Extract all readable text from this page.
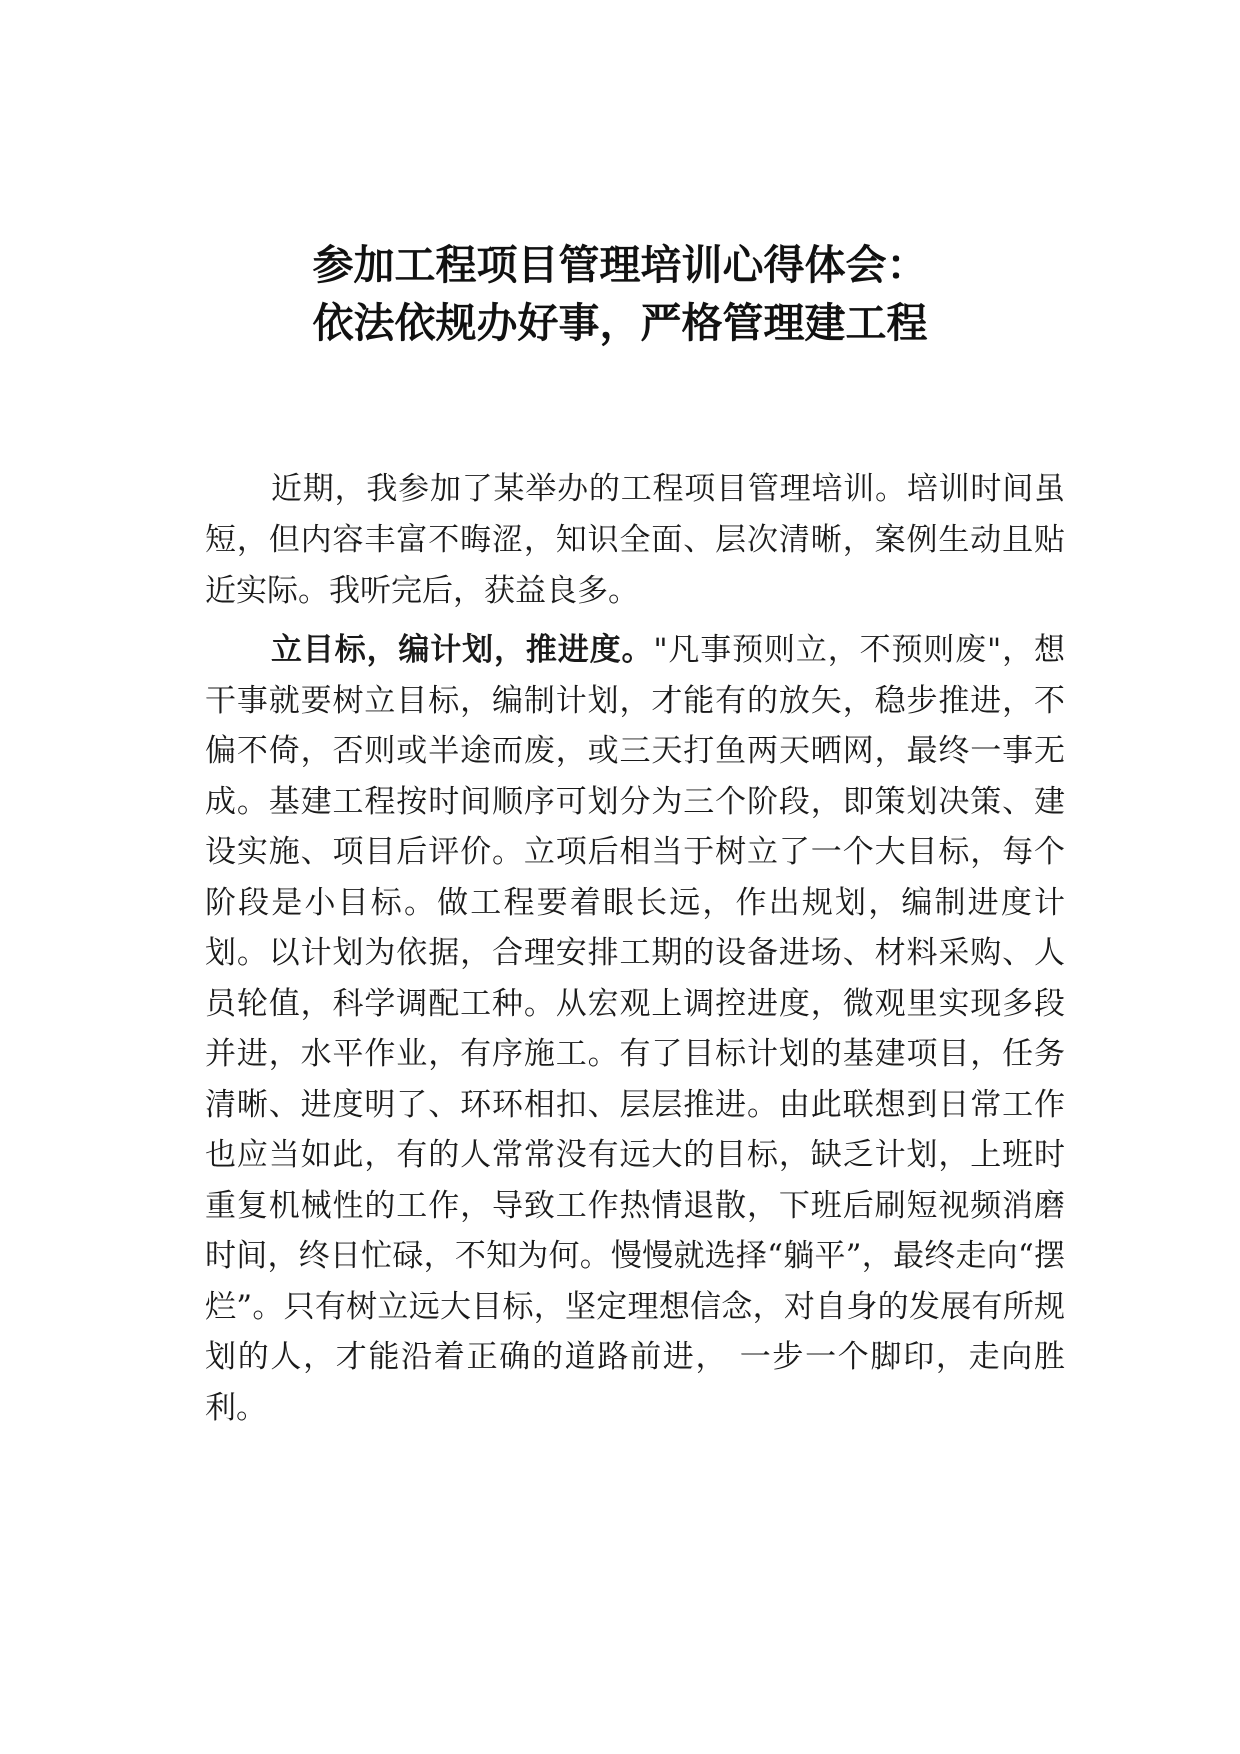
参加工程项目管理培训心得体会：
依法依规办好事，严格管理建工程

近期，我参加了某举办的工程项目管理培训。培训时间虽短，但内容丰富不晦涩，知识全面、层次清晰，案例生动且贴近实际。我听完后，获益良多。

立目标，编计划，推进度。"凡事预则立，不预则废"，想干事就要树立目标，编制计划，才能有的放矢，稳步推进，不偏不倚，否则或半途而废，或三天打鱼两天晒网，最终一事无成。基建工程按时间顺序可划分为三个阶段，即策划决策、建设实施、项目后评价。立项后相当于树立了一个大目标，每个阶段是小目标。做工程要着眼长远，作出规划，编制进度计划。以计划为依据，合理安排工期的设备进场、材料采购、人员轮值，科学调配工种。从宏观上调控进度，微观里实现多段并进，水平作业，有序施工。有了目标计划的基建项目，任务清晰、进度明了、环环相扣、层层推进。由此联想到日常工作也应当如此，有的人常常没有远大的目标，缺乏计划，上班时重复机械性的工作，导致工作热情退散，下班后刷短视频消磨时间，终日忙碌，不知为何。慢慢就选择“躺平”，最终走向“摆烂”。只有树立远大目标，坚定理想信念，对自身的发展有所规划的人，才能沿着正确的道路前进， 一步一个脚印，走向胜利。
